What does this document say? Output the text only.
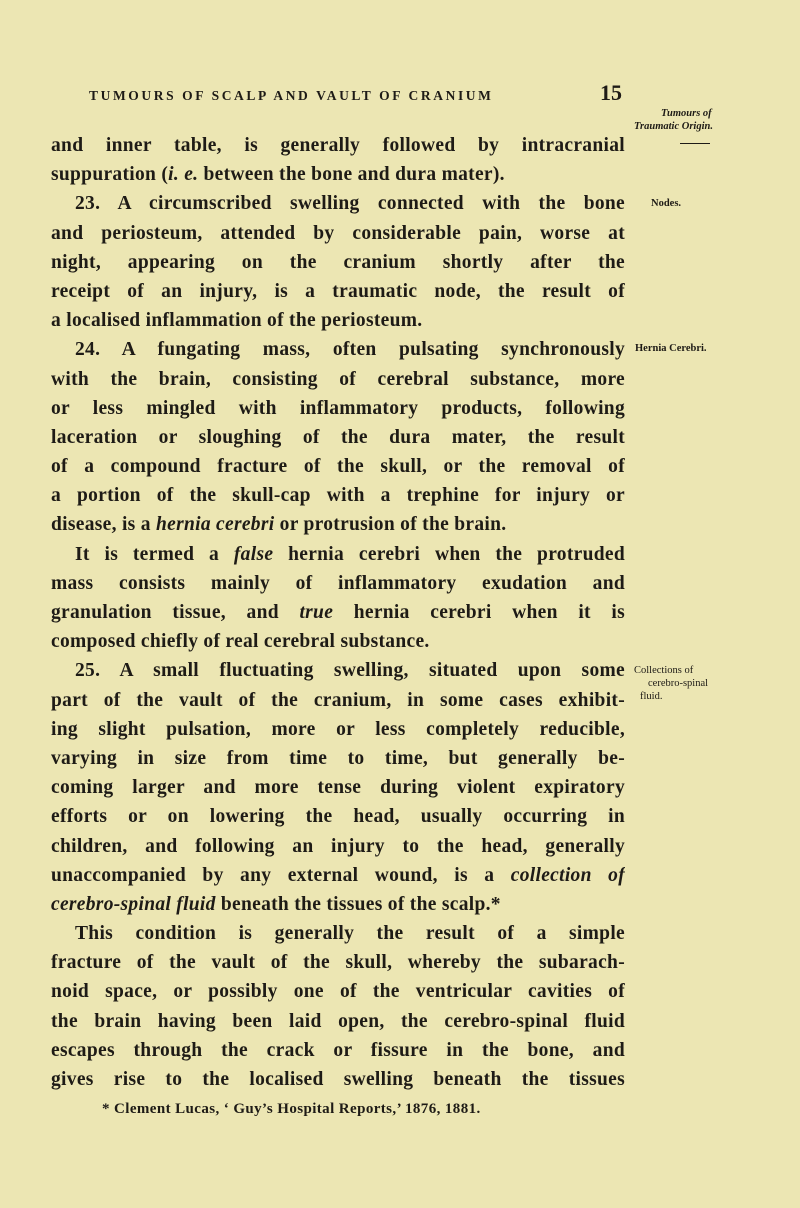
TUMOURS OF SCALP AND VAULT OF CRANIUM	15
Tumours of
Traumatic Origin.
Nodes.
Hernia Cerebri.
Collections of
cerebro-spinal
fluid.
and inner table, is generally followed by intracranial
suppuration (i. e. between the bone and dura mater).
23. A circumscribed swelling connected with the bone
and periosteum, attended by considerable pain, worse at
night, appearing on the cranium shortly after the
receipt of an injury, is a traumatic node, the result of
a localised inflammation of the periosteum.
24. A fungating mass, often pulsating synchronously
with the brain, consisting of cerebral substance, more
or less mingled with inflammatory products, following
laceration or sloughing of the dura mater, the result
of a compound fracture of the skull, or the removal of
a portion of the skull-cap with a trephine for injury or
disease, is a hernia cerebri or protrusion of the brain.
It is termed a false hernia cerebri when the protruded
mass consists mainly of inflammatory exudation and
granulation tissue, and true hernia cerebri when it is
composed chiefly of real cerebral substance.
25. A small fluctuating swelling, situated upon some
part of the vault of the cranium, in some cases exhibit-
ing slight pulsation, more or less completely reducible,
varying in size from time to time, but generally be-
coming larger and more tense during violent expiratory
efforts or on lowering the head, usually occurring in
children, and following an injury to the head, generally
unaccompanied by any external wound, is a collection of
cerebro-spinal fluid beneath the tissues of the scalp.*
This condition is generally the result of a simple
fracture of the vault of the skull, whereby the subarach-
noid space, or possibly one of the ventricular cavities of
the brain having been laid open, the cerebro-spinal fluid
escapes through the crack or fissure in the bone, and
gives rise to the localised swelling beneath the tissues
* Clement Lucas, ‘ Guy’s Hospital Reports,’ 1876, 1881.
